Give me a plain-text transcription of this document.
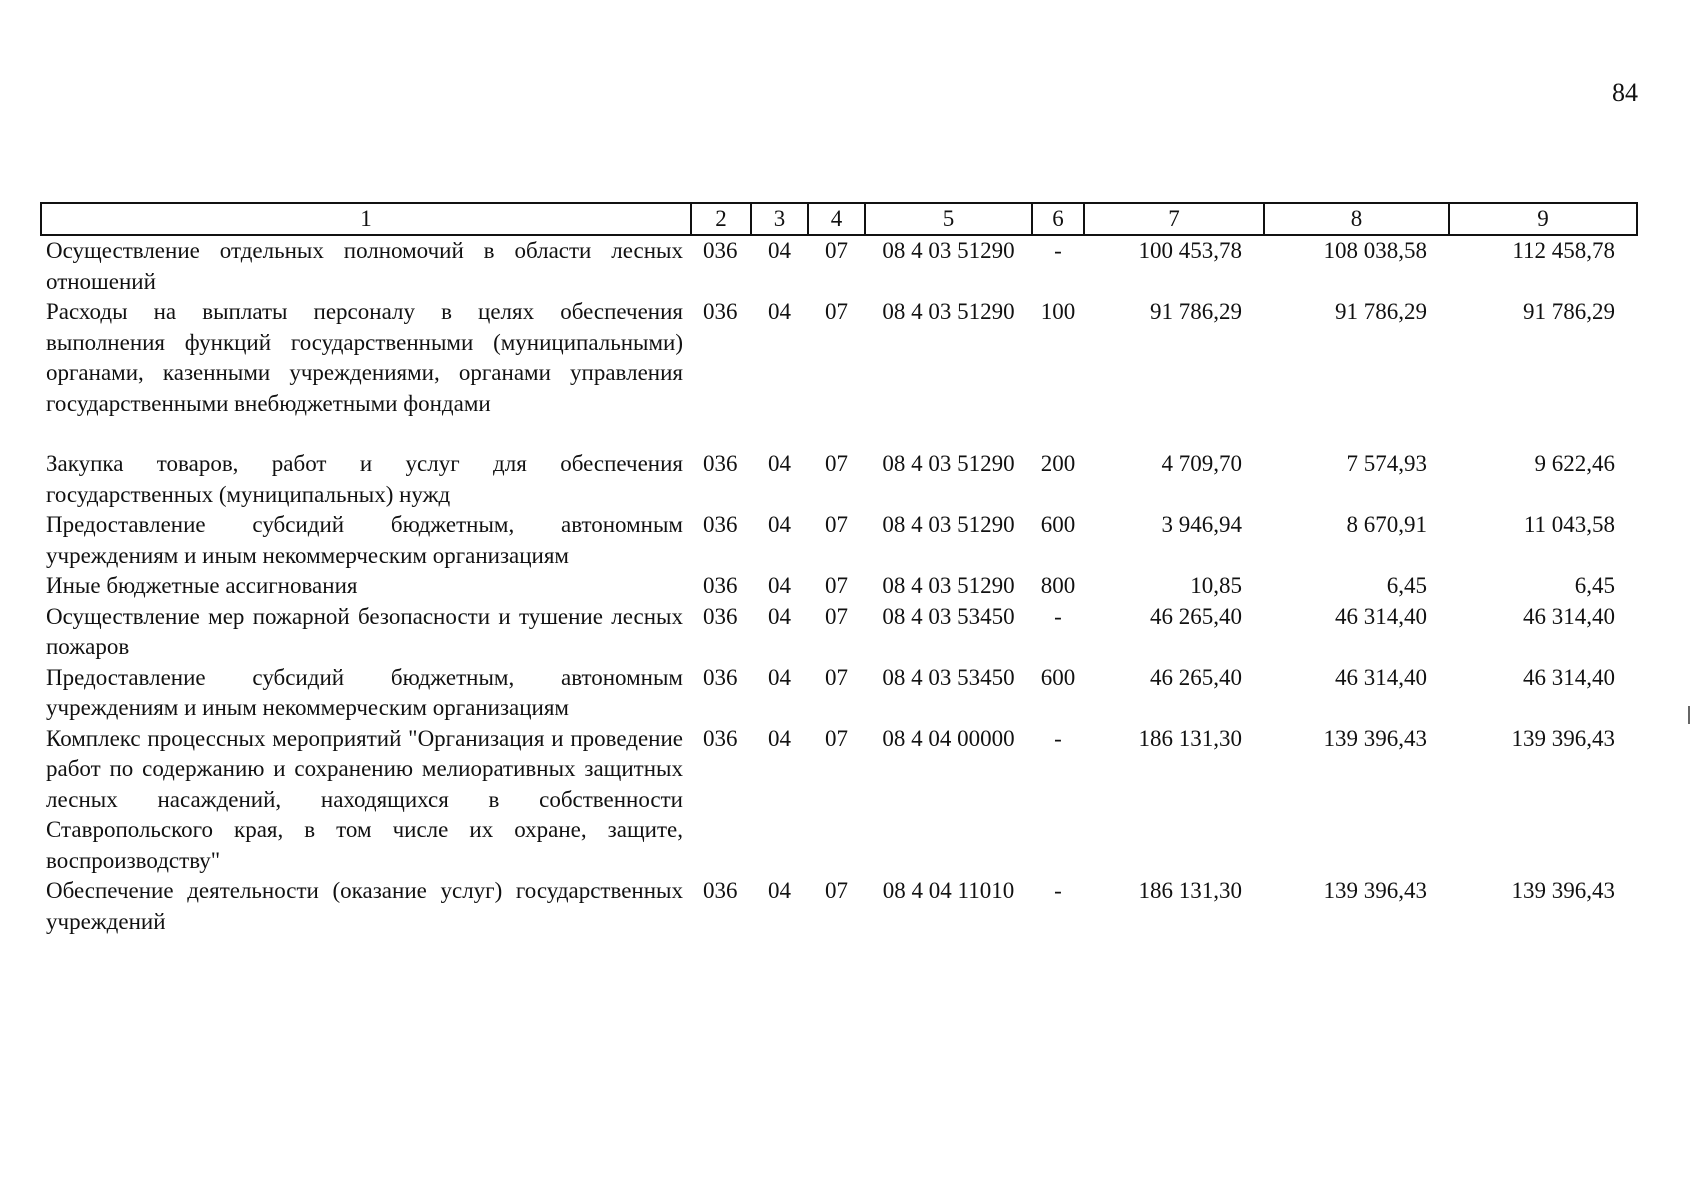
84
1	2	3	4	5	6	7	8	9
Осуществление отдельных полномочий в области лесных отношений	036	04	07	08 4 03 51290	-	100 453,78	108 038,58	112 458,78
Расходы на выплаты персоналу в целях обеспечения выполнения функций государственными (муниципальными) органами, казенными учреждениями, органами управления государственными внебюджетными фондами	036	04	07	08 4 03 51290	100	91 786,29	91 786,29	91 786,29
Закупка товаров, работ и услуг для обеспечения государственных (муниципальных) нужд	036	04	07	08 4 03 51290	200	4 709,70	7 574,93	9 622,46
Предоставление субсидий бюджетным, автономным учреждениям и иным некоммерческим организациям	036	04	07	08 4 03 51290	600	3 946,94	8 670,91	11 043,58
Иные бюджетные ассигнования	036	04	07	08 4 03 51290	800	10,85	6,45	6,45
Осуществление мер пожарной безопасности и тушение лесных пожаров	036	04	07	08 4 03 53450	-	46 265,40	46 314,40	46 314,40
Предоставление субсидий бюджетным, автономным учреждениям и иным некоммерческим организациям	036	04	07	08 4 03 53450	600	46 265,40	46 314,40	46 314,40
Комплекс процессных мероприятий "Организация и проведение работ по содержанию и сохранению мелиоративных защитных лесных насаждений, находящихся в собственности Ставропольского края, в том числе их охране, защите, воспроизводству"	036	04	07	08 4 04 00000	-	186 131,30	139 396,43	139 396,43
Обеспечение деятельности (оказание услуг) государственных учреждений	036	04	07	08 4 04 11010	-	186 131,30	139 396,43	139 396,43
